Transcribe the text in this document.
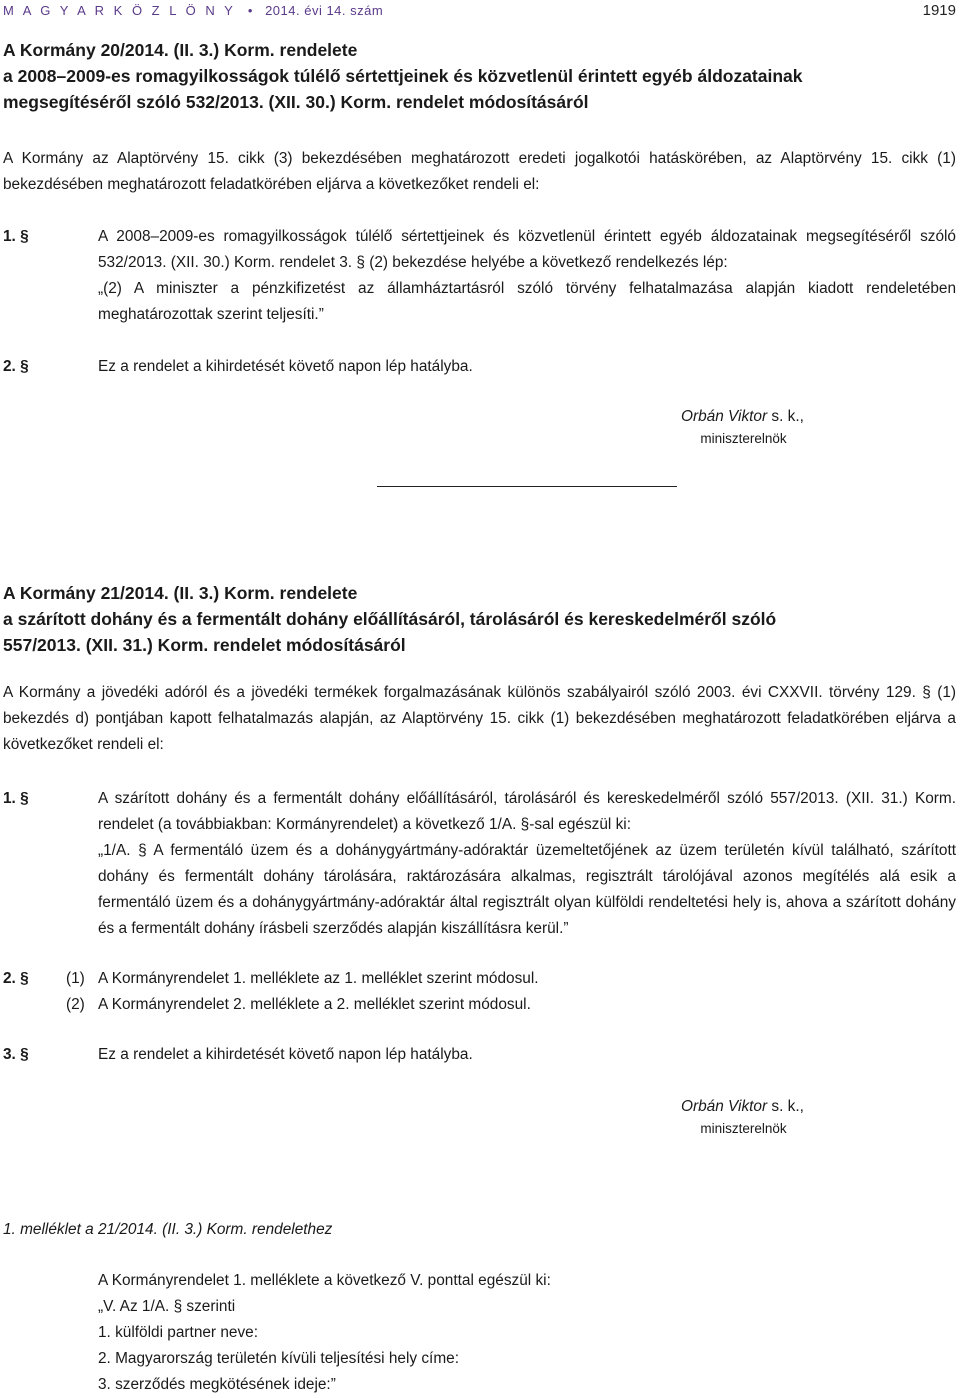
M A G Y A R K Ö Z L Ö N Y • 2014. évi 14. szám	1919
A Kormány 20/2014. (II. 3.) Korm. rendelete
a 2008–2009-es romagyilkosságok túlélő sértettjeinek és közvetlenül érintett egyéb áldozatainak
megsegítéséről szóló 532/2013. (XII. 30.) Korm. rendelet módosításáról
A Kormány az Alaptörvény 15. cikk (3) bekezdésében meghatározott eredeti jogalkotói hatáskörében, az Alaptörvény 15. cikk (1) bekezdésében meghatározott feladatkörében eljárva a következőket rendeli el:
1. §	A 2008–2009-es romagyilkosságok túlélő sértettjeinek és közvetlenül érintett egyéb áldozatainak megsegítéséről szóló 532/2013. (XII. 30.) Korm. rendelet 3. § (2) bekezdése helyébe a következő rendelkezés lép:
„(2) A miniszter a pénzkifizetést az államháztartásról szóló törvény felhatalmazása alapján kiadott rendeletében meghatározottak szerint teljesíti.”
2. §	Ez a rendelet a kihirdetését követő napon lép hatályba.
Orbán Viktor s. k.,
miniszterelnök
A Kormány 21/2014. (II. 3.) Korm. rendelete
a szárított dohány és a fermentált dohány előállításáról, tárolásáról és kereskedelméről szóló
557/2013. (XII. 31.) Korm. rendelet módosításáról
A Kormány a jövedéki adóról és a jövedéki termékek forgalmazásának különös szabályairól szóló 2003. évi CXXVII. törvény 129. § (1) bekezdés d) pontjában kapott felhatalmazás alapján, az Alaptörvény 15. cikk (1) bekezdésében meghatározott feladatkörében eljárva a következőket rendeli el:
1. §	A szárított dohány és a fermentált dohány előállításáról, tárolásáról és kereskedelméről szóló 557/2013. (XII. 31.) Korm. rendelet (a továbbiakban: Kormányrendelet) a következő 1/A. §-sal egészül ki:
„1/A. § A fermentáló üzem és a dohánygyártmány-adóraktár üzemeltetőjének az üzem területén kívül található, szárított dohány és fermentált dohány tárolására, raktározására alkalmas, regisztrált tárolójával azonos megítélés alá esik a fermentáló üzem és a dohánygyártmány-adóraktár által regisztrált olyan külföldi rendeltetési hely is, ahova a szárított dohány és a fermentált dohány írásbeli szerződés alapján kiszállításra kerül.”
2. § (1) A Kormányrendelet 1. melléklete az 1. melléklet szerint módosul.
(2) A Kormányrendelet 2. melléklete a 2. melléklet szerint módosul.
3. §	Ez a rendelet a kihirdetését követő napon lép hatályba.
Orbán Viktor s. k.,
miniszterelnök
1. melléklet a 21/2014. (II. 3.) Korm. rendelethez
A Kormányrendelet 1. melléklete a következő V. ponttal egészül ki:
„V. Az 1/A. § szerinti
1. külföldi partner neve:
2. Magyarország területén kívüli teljesítési hely címe:
3. szerződés megkötésének ideje:”
